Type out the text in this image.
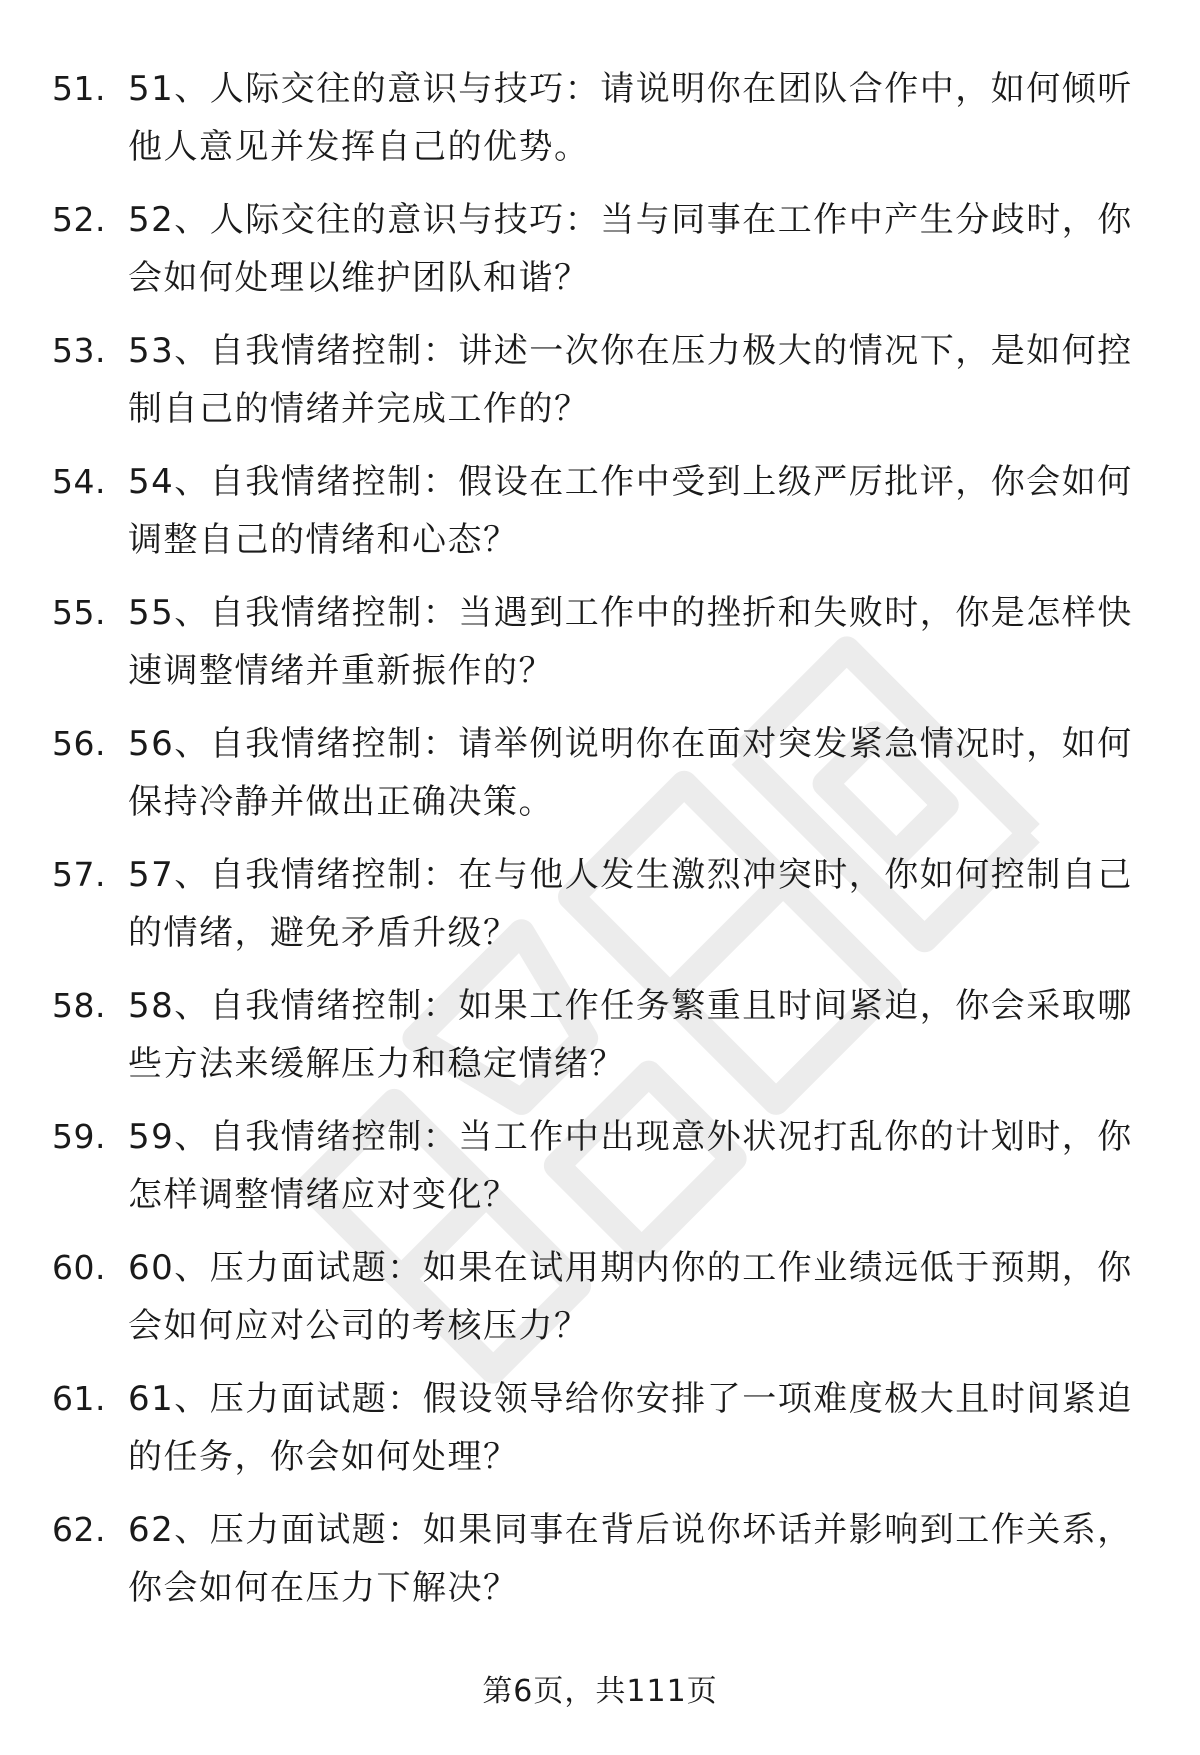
51. 51、人际交往的意识与技巧：请说明你在团队合作中，如何倾听
他人意见并发挥自己的优势。
52. 52、人际交往的意识与技巧：当与同事在工作中产生分歧时，你
会如何处理以维护团队和谐？
53. 53、自我情绪控制：讲述一次你在压力极大的情况下，是如何控
制自己的情绪并完成工作的？
54. 54、自我情绪控制：假设在工作中受到上级严厉批评，你会如何
调整自己的情绪和心态？
55. 55、自我情绪控制：当遇到工作中的挫折和失败时，你是怎样快
速调整情绪并重新振作的？
56. 56、自我情绪控制：请举例说明你在面对突发紧急情况时，如何
保持冷静并做出正确决策。
57. 57、自我情绪控制：在与他人发生激烈冲突时，你如何控制自己
的情绪，避免矛盾升级？
58. 58、自我情绪控制：如果工作任务繁重且时间紧迫，你会采取哪
些方法来缓解压力和稳定情绪？
59. 59、自我情绪控制：当工作中出现意外状况打乱你的计划时，你
怎样调整情绪应对变化？
60. 60、压力面试题：如果在试用期内你的工作业绩远低于预期，你
会如何应对公司的考核压力？
61. 61、压力面试题：假设领导给你安排了一项难度极大且时间紧迫
的任务，你会如何处理？
62. 62、压力面试题：如果同事在背后说你坏话并影响到工作关系，
你会如何在压力下解决？
第6页，共111页
